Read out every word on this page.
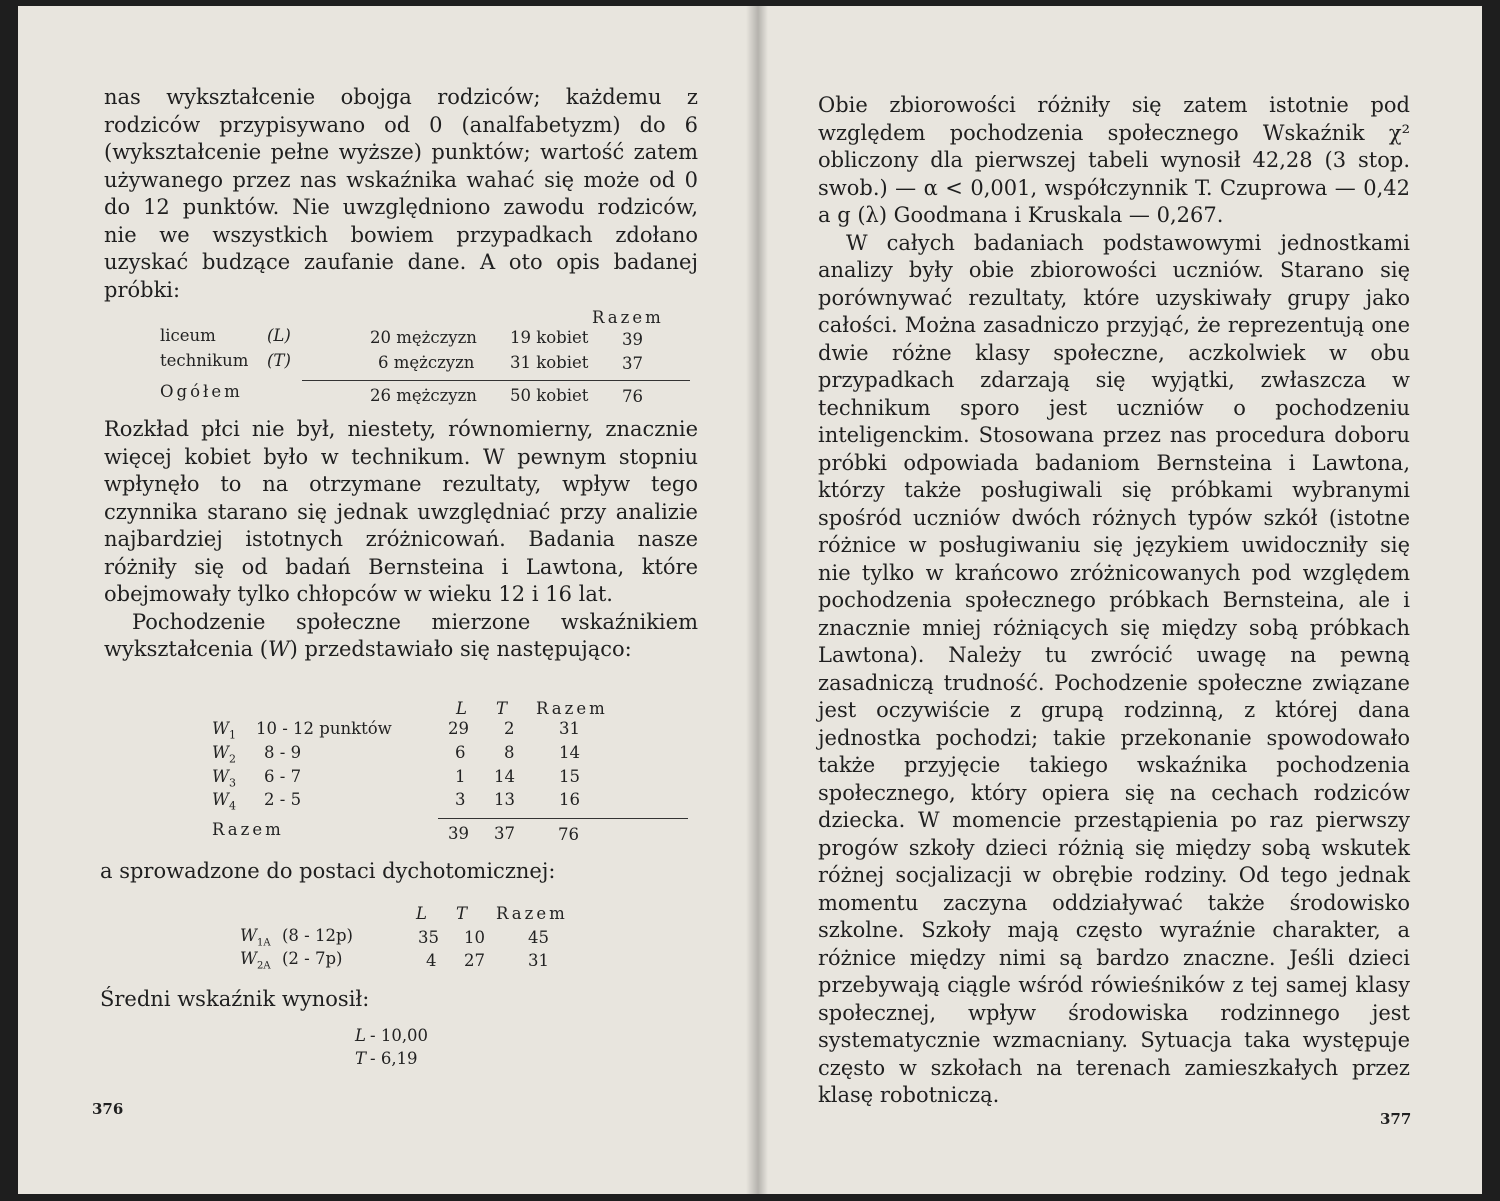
nas wykształcenie obojga rodziców; każdemu z rodziców przypisywano od 0 (analfabetyzm) do 6 (wykształcenie pełne wyższe) punktów; wartość zatem używanego przez nas wskaźnika wahać się może od 0 do 12 punktów. Nie uwzględniono zawodu rodziców, nie we wszystkich bowiem przypadkach zdołano uzyskać budzące zaufanie dane. A oto opis badanej próbki:

Razem
liceum	(L)	20 mężczyzn 19 kobiet 39
technikum (T)	6 mężczyzn 31 kobiet 37
Ogółem	26 mężczyzn 50 kobiet 76

Rozkład płci nie był, niestety, równomierny, znacznie więcej kobiet było w technikum. W pewnym stopniu wpłynęło to na otrzymane rezultaty, wpływ tego czynnika starano się jednak uwzględniać przy analizie najbardziej istotnych zróżnicowań. Badania nasze różniły się od badań Bernsteina i Lawtona, które obejmowały tylko chłopców w wieku 12 i 16 lat.

Pochodzenie społeczne mierzone wskaźnikiem wykształcenia (W) przedstawiało się następująco:

L T Razem
$W_1$ 10 - 12 punktów	29 2	31
$W_2$ 8 - 9	6 8	14
$W_3$ 6 - 7	1 14	15
$W_4$ 2 - 5	3 13	16
Razem	39 37	76

a sprowadzone do postaci dychotomicznej:

L T Razem
$W_{1A}$ (8 - 12p)	35 10	45
$W_{2A}$ (2 - 7p)	4 27	31

Średni wskaźnik wynosił:

L - 10,00
T - 6,19
376

Obie zbiorowości różniły się zatem istotnie pod względem pochodzenia społecznego Wskaźnik χ² obliczony dla pierwszej tabeli wynosił 42,28 (3 stop. swob.) — α < 0,001, współczynnik T. Czuprowa — 0,42 a g (λ) Goodmana i Kruskala — 0,267.

W całych badaniach podstawowymi jednostkami analizy były obie zbiorowości uczniów. Starano się porównywać rezultaty, które uzyskiwały grupy jako całości. Można zasadniczo przyjąć, że reprezentują one dwie różne klasy społeczne, aczkolwiek w obu przypadkach zdarzają się wyjątki, zwłaszcza w technikum sporo jest uczniów o pochodzeniu inteligenckim. Stosowana przez nas procedura doboru próbki odpowiada badaniom Bernsteina i Lawtona, którzy także posługiwali się próbkami wybranymi spośród uczniów dwóch różnych typów szkół (istotne różnice w posługiwaniu się językiem uwidoczniły się nie tylko w krańcowo zróżnicowanych pod względem pochodzenia społecznego próbkach Bernsteina, ale i znacznie mniej różniących się między sobą próbkach Lawtona). Należy tu zwrócić uwagę na pewną zasadniczą trudność. Pochodzenie społeczne związane jest oczywiście z grupą rodzinną, z której dana jednostka pochodzi; takie przekonanie spowodowało także przyjęcie takiego wskaźnika pochodzenia społecznego, który opiera się na cechach rodziców dziecka. W momencie przestąpienia po raz pierwszy progów szkoły dzieci różnią się między sobą wskutek różnej socjalizacji w obrębie rodziny. Od tego jednak momentu zaczyna oddziaływać także środowisko szkolne. Szkoły mają często wyraźnie charakter, a różnice między nimi są bardzo znaczne. Jeśli dzieci przebywają ciągle wśród rówieśników z tej samej klasy społecznej, wpływ środowiska rodzinnego jest systematycznie wzmacniany. Sytuacja taka występuje często w szkołach na terenach zamieszkałych przez klasę robotniczą.

377
